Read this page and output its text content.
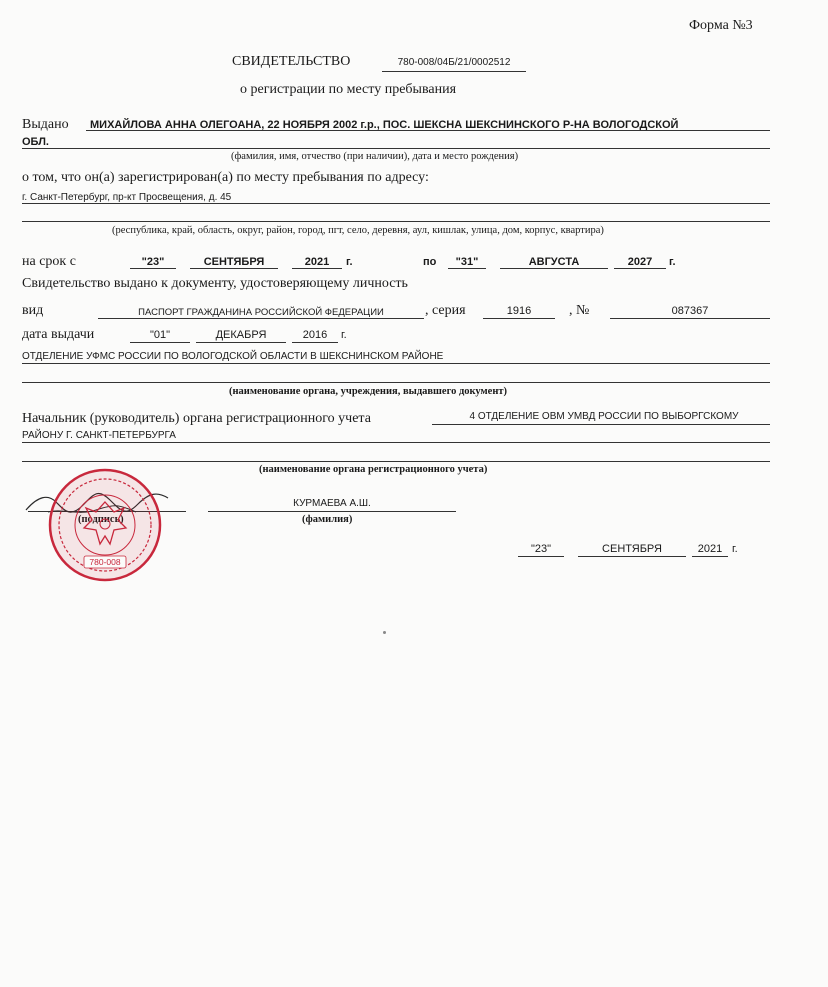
Форма №3
СВИДЕТЕЛЬСТВО	780-008/04Б/21/0002512
о регистрации по месту пребывания
Выдано МИХАЙЛОВА АННА ОЛЕГОАНА, 22 НОЯБРЯ 2002 г.р., ПОС. ШЕКСНА ШЕКСНИНСКОГО Р-НА ВОЛОГОДСКОЙ
ОБЛ.
(фамилия, имя, отчество (при наличии), дата и место рождения)
о том, что он(а) зарегистрирован(а) по месту пребывания по адресу:
г. Санкт-Петербург, пр-кт Просвещения, д. 45
(республика, край, область, округ, район, город, пгт, село, деревня, аул, кишлак, улица, дом, корпус, квартира)
на срок с	"23"	СЕНТЯБРЯ	2021	г.	по	"31"	АВГУСТА	2027	г.
Свидетельство выдано к документу, удостоверяющему личность
вид	ПАСПОРТ ГРАЖДАНИНА РОССИЙСКОЙ ФЕДЕРАЦИИ	, серия	1916	, №	087367
дата выдачи	"01"	ДЕКАБРЯ	2016	г.
ОТДЕЛЕНИЕ УФМС РОССИИ ПО ВОЛОГОДСКОЙ ОБЛАСТИ В ШЕКСНИНСКОМ РАЙОНЕ
(наименование органа, учреждения, выдавшего документ)
Начальник (руководитель) органа регистрационного учета	4 ОТДЕЛЕНИЕ ОВМ УМВД РОССИИ ПО ВЫБОРГСКОМУ
РАЙОНУ Г. САНКТ-ПЕТЕРБУРГА
(наименование органа регистрационного учета)
КУРМАЕВА А.Ш.
(фамилия)
780-008
"23"	СЕНТЯБРЯ	2021 г.
